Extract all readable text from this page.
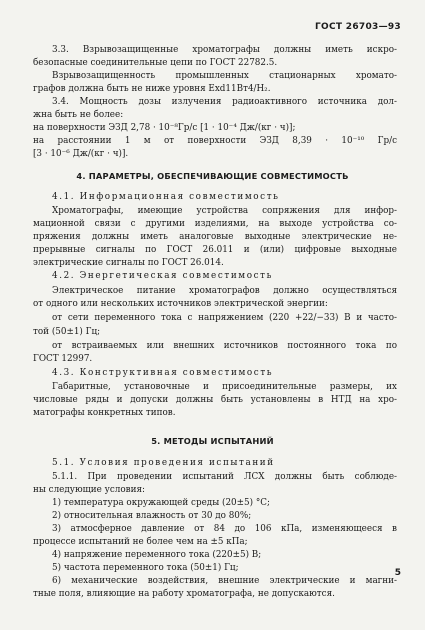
ГОСТ 26703—93
3.3. Взрывозащищенные хроматографы должны иметь искро-
безопасные соединительные цепи по ГОСТ 22782.5.
Взрывозащищенность промышленных стационарных хромато-
графов должна быть не ниже уровня Exd11Bт4/H₂.
3.4. Мощность дозы излучения радиоактивного источника дол-
жна быть не более:
на поверхности ЭЗД 2,78 · 10⁻⁸Гр/с [1 · 10⁻⁴ Дж/(кг · ч)];
на расстоянии 1 м от поверхности ЭЗД 8,39 · 10⁻¹⁰ Гр/с
[3 · 10⁻⁶ Дж/(кг · ч)].
4. ПАРАМЕТРЫ, ОБЕСПЕЧИВАЮЩИЕ СОВМЕСТИМОСТЬ
4.1. Информационная совместимость
Хроматографы, имеющие устройства сопряжения для инфор-
мационной связи с другими изделиями, на выходе устройства со-
пряжения должны иметь аналоговые выходные электрические не-
прерывные сигналы по ГОСТ 26.011 и (или) цифровые выходные
электрические сигналы по ГОСТ 26.014.
4.2. Энергетическая совместимость
Электрическое питание хроматографов должно осуществляться
от одного или нескольких источников электрической энергии:
от сети переменного тока с напряжением (220 +22/−33) В и часто-
той (50±1) Гц;
от встраиваемых или внешних источников постоянного тока по
ГОСТ 12997.
4.3. Конструктивная совместимость
Габаритные, установочные и присоединительные размеры, их
числовые ряды и допуски должны быть установлены в НТД на хро-
матографы конкретных типов.
5. МЕТОДЫ ИСПЫТАНИЙ
5.1. Условия проведения испытаний
5.1.1. При проведении испытаний ЛСХ должны быть соблюде-
ны следующие условия:
1) температура окружающей среды (20±5) °С;
2) относительная влажность от 30 до 80%;
3) атмосферное давление от 84 до 106 кПа, изменяющееся в
процессе испытаний не более чем на ±5 кПа;
4) напряжение переменного тока (220±5) В;
5) частота переменного тока (50±1) Гц;
6) механические воздействия, внешние электрические и магни-
тные поля, влияющие на работу хроматографа, не допускаются.
5
